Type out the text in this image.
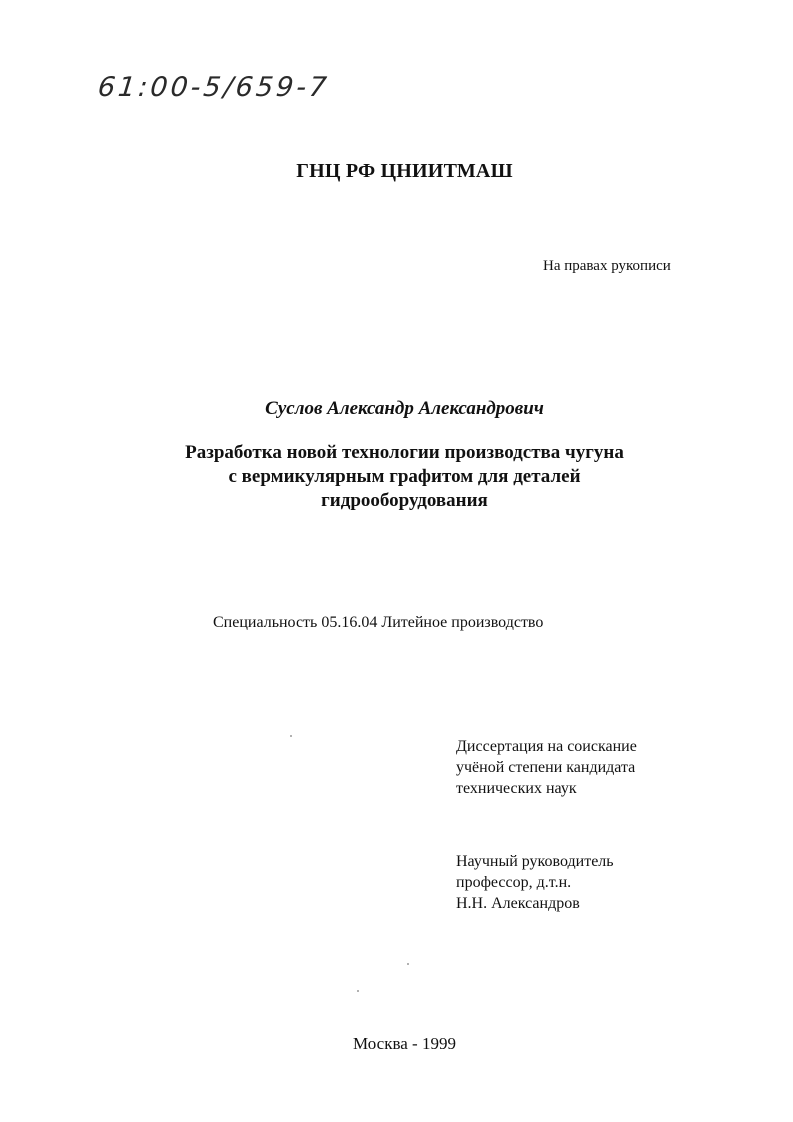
61:00-5/659-7
ГНЦ РФ ЦНИИТМАШ
На правах рукописи
Суслов Александр Александрович
Разработка новой технологии производства чугуна
с вермикулярным графитом для деталей
гидрооборудования
Специальность 05.16.04 Литейное производство
Диссертация на соискание
учёной степени кандидата
технических наук
Научный руководитель
профессор, д.т.н.
Н.Н. Александров
Москва - 1999
